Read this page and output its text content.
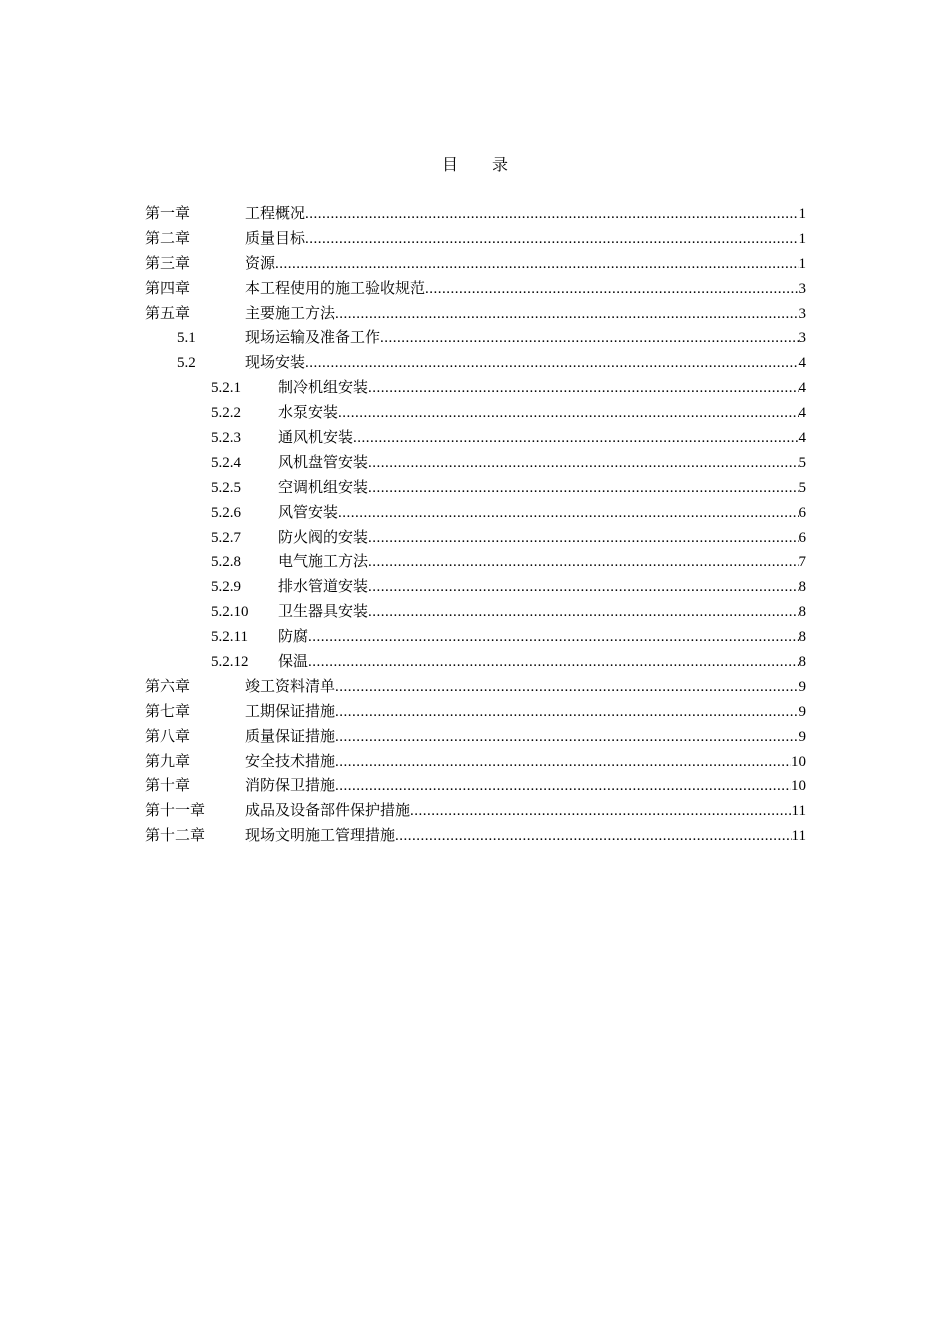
目 录
第一章	工程概况 .....	1
第二章	质量目标 .....	1
第三章	资源 .....	1
第四章	本工程使用的施工验收规范 .....	3
第五章	主要施工方法 .....	3
5.1	现场运输及准备工作 .....	3
5.2	现场安装 .....	4
5.2.1 制冷机组安装 .....	4
5.2.2 水泵安装 .....	4
5.2.3 通风机安装 .....	4
5.2.4 风机盘管安装 .....	5
5.2.5 空调机组安装 .....	5
5.2.6 风管安装 .....	6
5.2.7 防火阀的安装 .....	6
5.2.8 电气施工方法 .....	7
5.2.9 排水管道安装 .....	8
5.2.10 卫生器具安装 .....	8
5.2.11 防腐 .....	8
5.2.12 保温 .....	8
第六章	竣工资料清单 .....	9
第七章	工期保证措施 .....	9
第八章	质量保证措施 .....	9
第九章	安全技术措施 .....	10
第十章	消防保卫措施 .....	10
第十一章	成品及设备部件保护措施 .....	11
第十二章	现场文明施工管理措施 .....	11
